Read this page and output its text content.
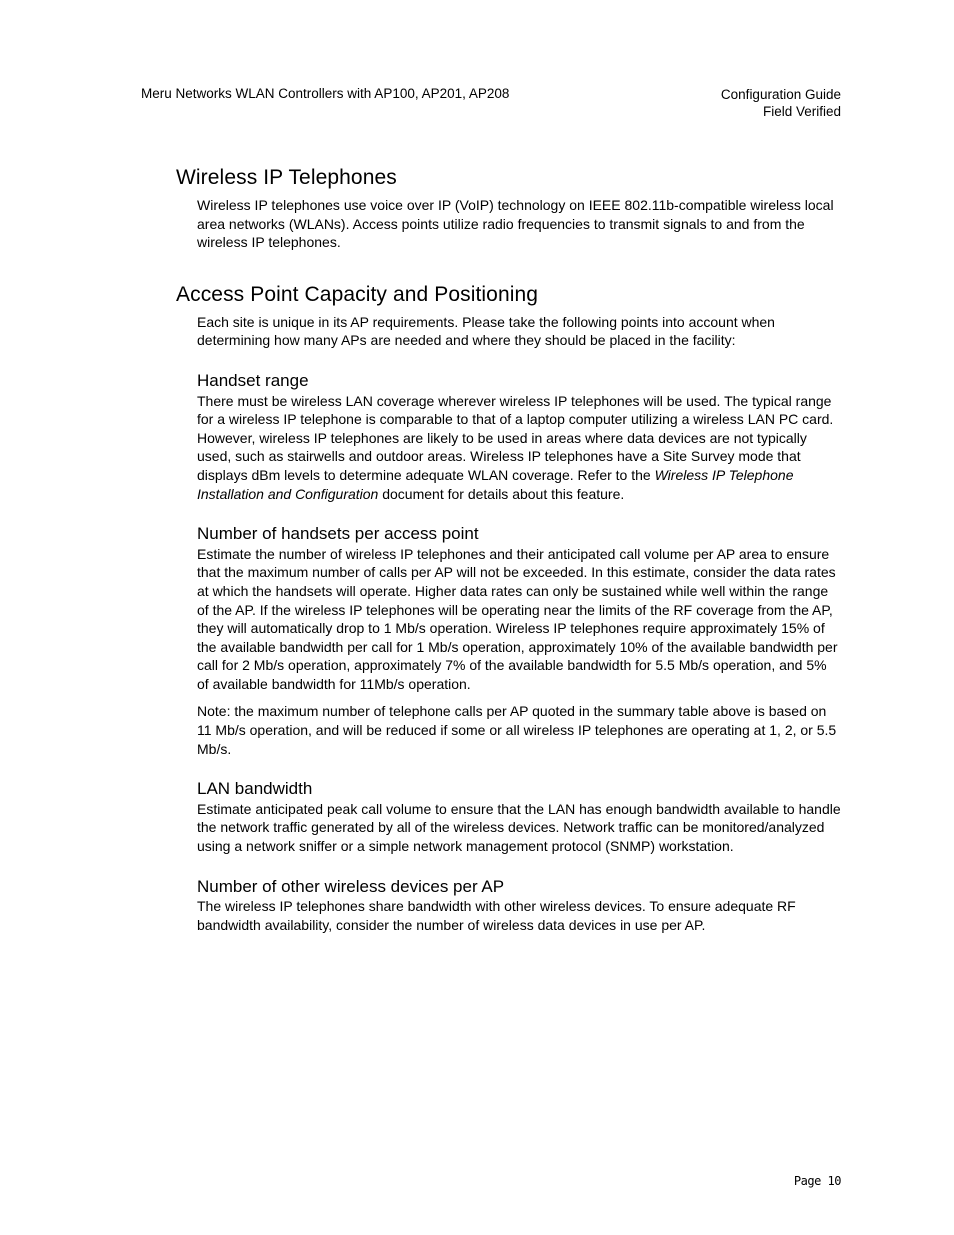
Meru Networks WLAN Controllers with AP100, AP201, AP208	Configuration Guide
Field Verified
Wireless IP Telephones

Wireless IP telephones use voice over IP (VoIP) technology on IEEE 802.11b-compatible wireless local area networks (WLANs). Access points utilize radio frequencies to transmit signals to and from the wireless IP telephones.

Access Point Capacity and Positioning

Each site is unique in its AP requirements. Please take the following points into account when determining how many APs are needed and where they should be placed in the facility:

Handset range

There must be wireless LAN coverage wherever wireless IP telephones will be used. The typical range for a wireless IP telephone is comparable to that of a laptop computer utilizing a wireless LAN PC card. However, wireless IP telephones are likely to be used in areas where data devices are not typically used, such as stairwells and outdoor areas. Wireless IP telephones have a Site Survey mode that displays dBm levels to determine adequate WLAN coverage. Refer to the Wireless IP Telephone Installation and Configuration document for details about this feature.

Number of handsets per access point

Estimate the number of wireless IP telephones and their anticipated call volume per AP area to ensure that the maximum number of calls per AP will not be exceeded. In this estimate, consider the data rates at which the handsets will operate. Higher data rates can only be sustained while well within the range of the AP. If the wireless IP telephones will be operating near the limits of the RF coverage from the AP, they will automatically drop to 1 Mb/s operation. Wireless IP telephones require approximately 15% of the available bandwidth per call for 1 Mb/s operation, approximately 10% of the available bandwidth per call for 2 Mb/s operation, approximately 7% of the available bandwidth for 5.5 Mb/s operation, and 5% of available bandwidth for 11Mb/s operation.

Note: the maximum number of telephone calls per AP quoted in the summary table above is based on 11 Mb/s operation, and will be reduced if some or all wireless IP telephones are operating at 1, 2, or 5.5 Mb/s.

LAN bandwidth

Estimate anticipated peak call volume to ensure that the LAN has enough bandwidth available to handle the network traffic generated by all of the wireless devices. Network traffic can be monitored/analyzed using a network sniffer or a simple network management protocol (SNMP) workstation.

Number of other wireless devices per AP

The wireless IP telephones share bandwidth with other wireless devices. To ensure adequate RF bandwidth availability, consider the number of wireless data devices in use per AP.

Page 10
